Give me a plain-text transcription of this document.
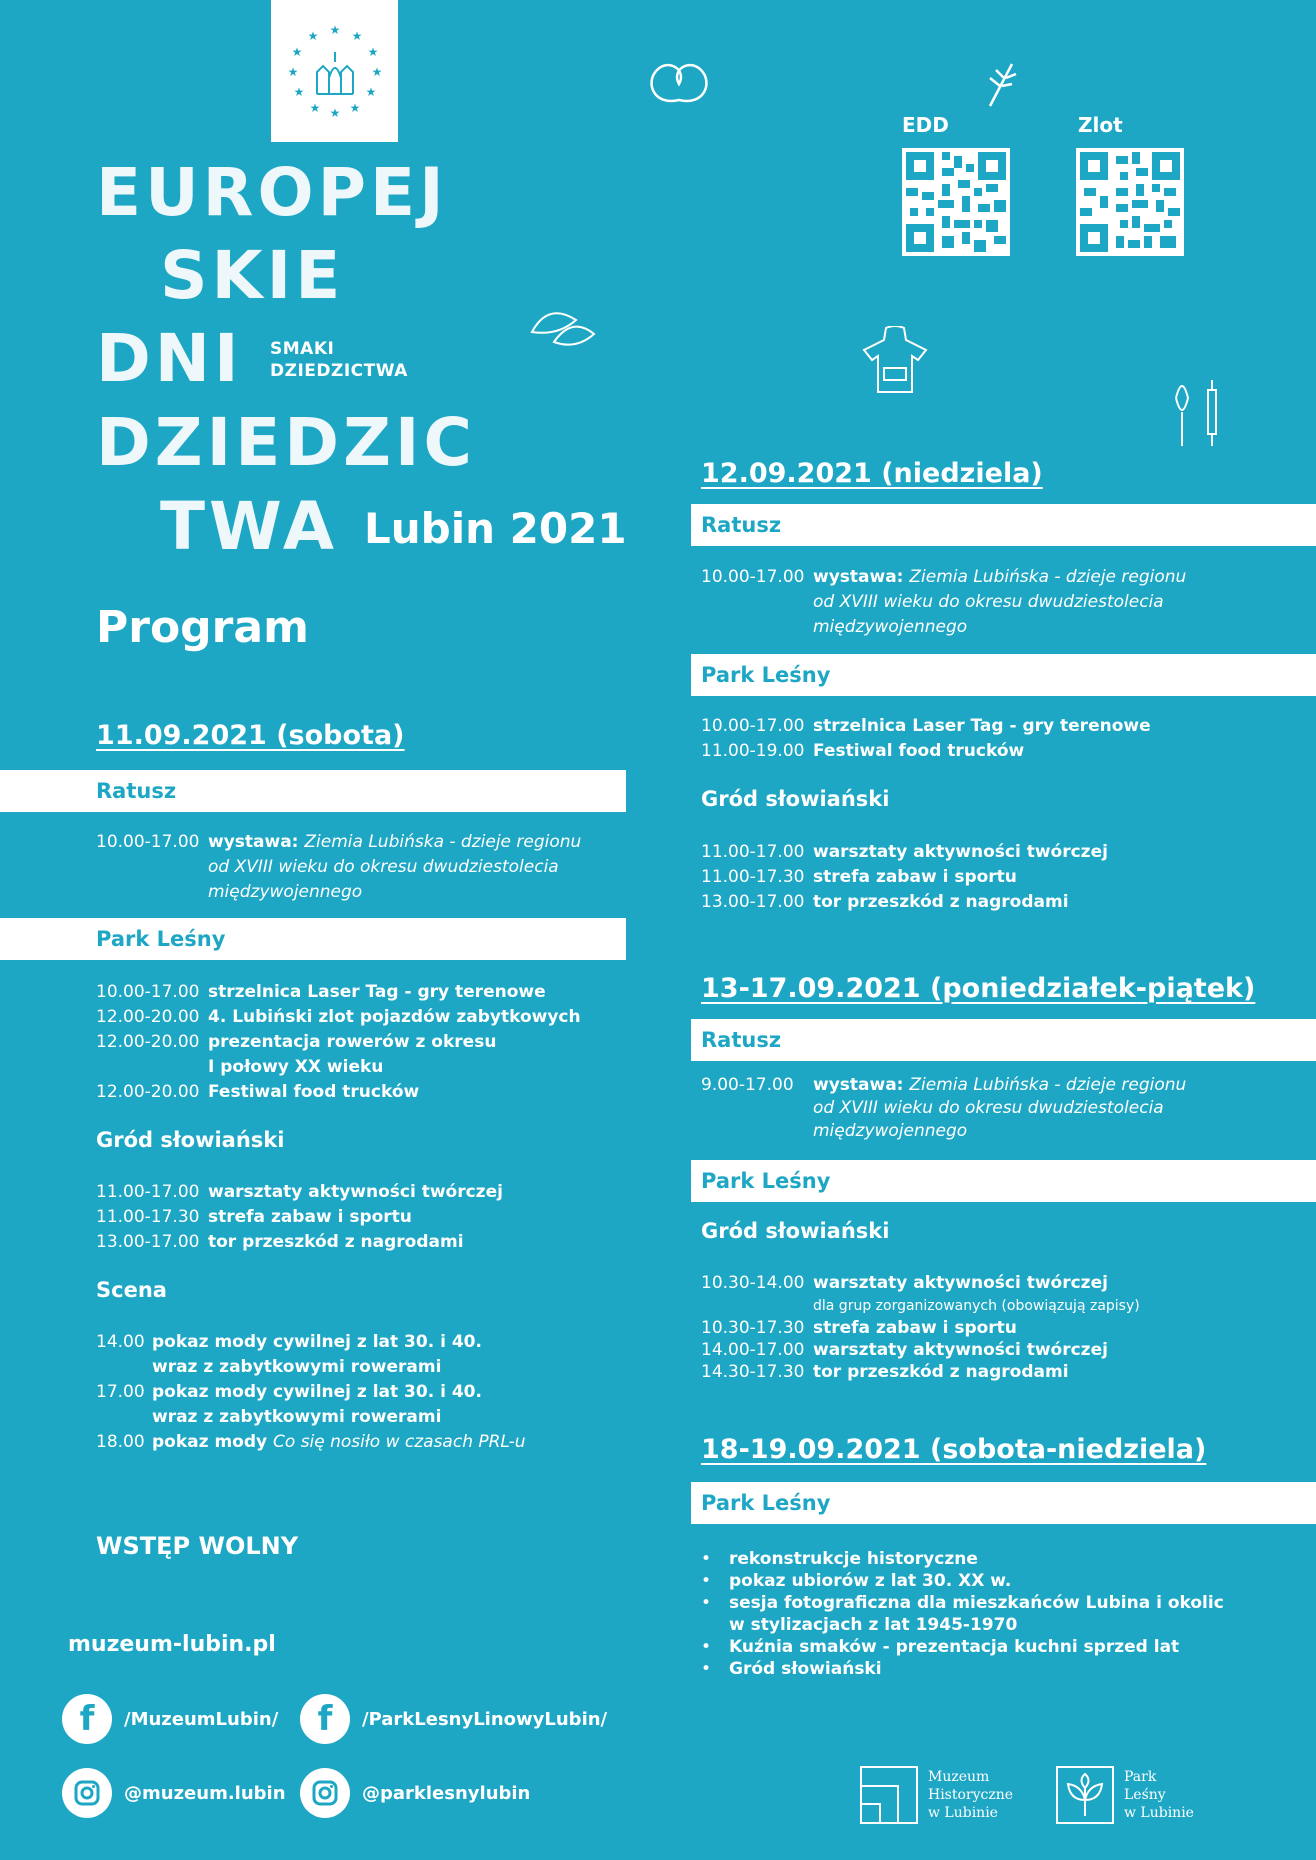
★ ★
★
★
★
★
★
★
★
★
★
★
EUROPEJ
SKIE
DNI
DZIEDZIC
TWA
SMAKI
DZIEDZICTWA
Lubin 2021
Program
EDD	Zlot
11.09.2021 (sobota)
Ratusz
10.00-17.00 wystawa: Ziemia Lubińska - dzieje regionu
od XVIII wieku do okresu dwudziestolecia
międzywojennego
Park Leśny
10.00-17.00 strzelnica Laser Tag - gry terenowe
12.00-20.00 4. Lubiński zlot pojazdów zabytkowych
12.00-20.00 prezentacja rowerów z okresu
I połowy XX wieku
12.00-20.00 Festiwal food trucków
Gród słowiański
11.00-17.00 warsztaty aktywności twórczej
11.00-17.30 strefa zabaw i sportu
13.00-17.00 tor przeszkód z nagrodami
Scena
14.00 pokaz mody cywilnej z lat 30. i 40.
wraz z zabytkowymi rowerami
17.00 pokaz mody cywilnej z lat 30. i 40.
wraz z zabytkowymi rowerami
18.00 pokaz mody Co się nosiło w czasach PRL-u
WSTĘP WOLNY
muzeum-lubin.pl
f /MuzeumLubin/ f /ParkLesnyLinowyLubin/
@muzeum.lubin	@parklesnylubin
12.09.2021 (niedziela)
Ratusz
10.00-17.00 wystawa: Ziemia Lubińska - dzieje regionu
od XVIII wieku do okresu dwudziestolecia
międzywojennego
Park Leśny
10.00-17.00 strzelnica Laser Tag - gry terenowe
11.00-19.00 Festiwal food trucków
Gród słowiański
11.00-17.00 warsztaty aktywności twórczej
11.00-17.30 strefa zabaw i sportu
13.00-17.00 tor przeszkód z nagrodami
13-17.09.2021 (poniedziałek-piątek)
Ratusz
9.00-17.00	wystawa: Ziemia Lubińska - dzieje regionu
od XVIII wieku do okresu dwudziestolecia
międzywojennego
Park Leśny
Gród słowiański
10.30-14.00 warsztaty aktywności twórczej
dla grup zorganizowanych (obowiązują zapisy)
10.30-17.30 strefa zabaw i sportu
14.00-17.00 warsztaty aktywności twórczej
14.30-17.30 tor przeszkód z nagrodami
18-19.09.2021 (sobota-niedziela)
Park Leśny
•	rekonstrukcje historyczne
•	pokaz ubiorów z lat 30. XX w.
•	sesja fotograficzna dla mieszkańców Lubina i okolic
w stylizacjach z lat 1945-1970
•	Kuźnia smaków - prezentacja kuchni sprzed lat
•	Gród słowiański
Muzeum
Historyczne
w Lubinie
Park
Leśny
w Lubinie
